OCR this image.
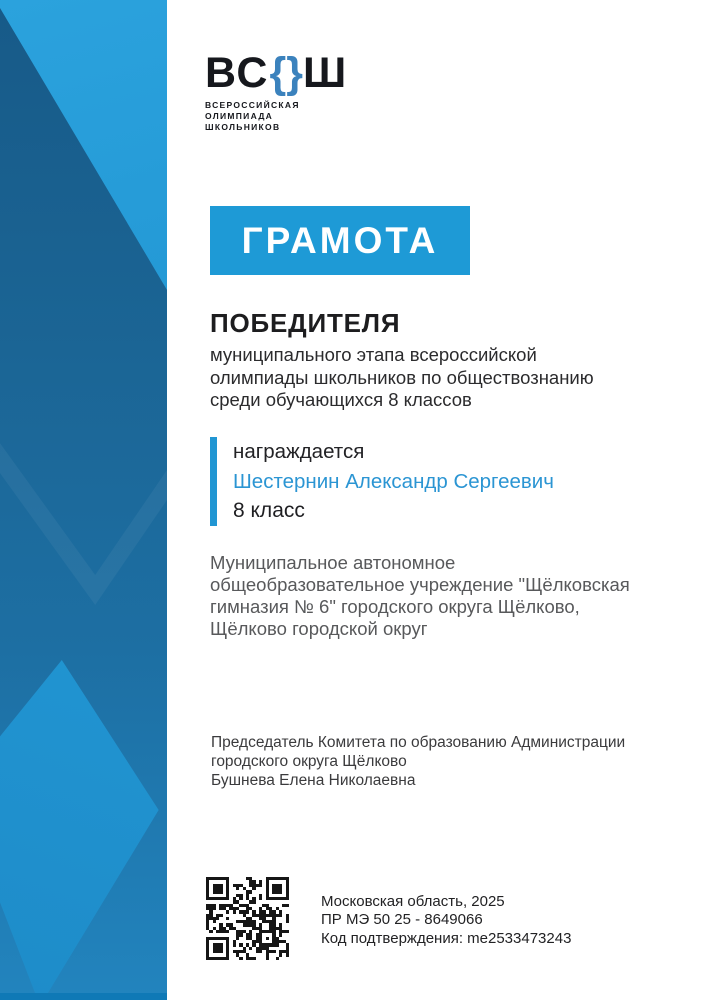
ВС{}Ш
ВСЕРОССИЙСКАЯ
ОЛИМПИАДА
ШКОЛЬНИКОВ
ГРАМОТА
ПОБЕДИТЕЛЯ
муниципального этапа всероссийской
олимпиады школьников по обществознанию
среди обучающихся 8 классов
награждается
Шестернин Александр Сергеевич
8 класс
Муниципальное автономное
общеобразовательное учреждение "Щёлковская
гимназия № 6" городского округа Щёлково,
Щёлково городской округ
Председатель Комитета по образованию Администрации
городского округа Щёлково
Бушнева Елена Николаевна
Московская область, 2025
ПР МЭ 50 25 - 8649066
Код подтверждения: me2533473243
